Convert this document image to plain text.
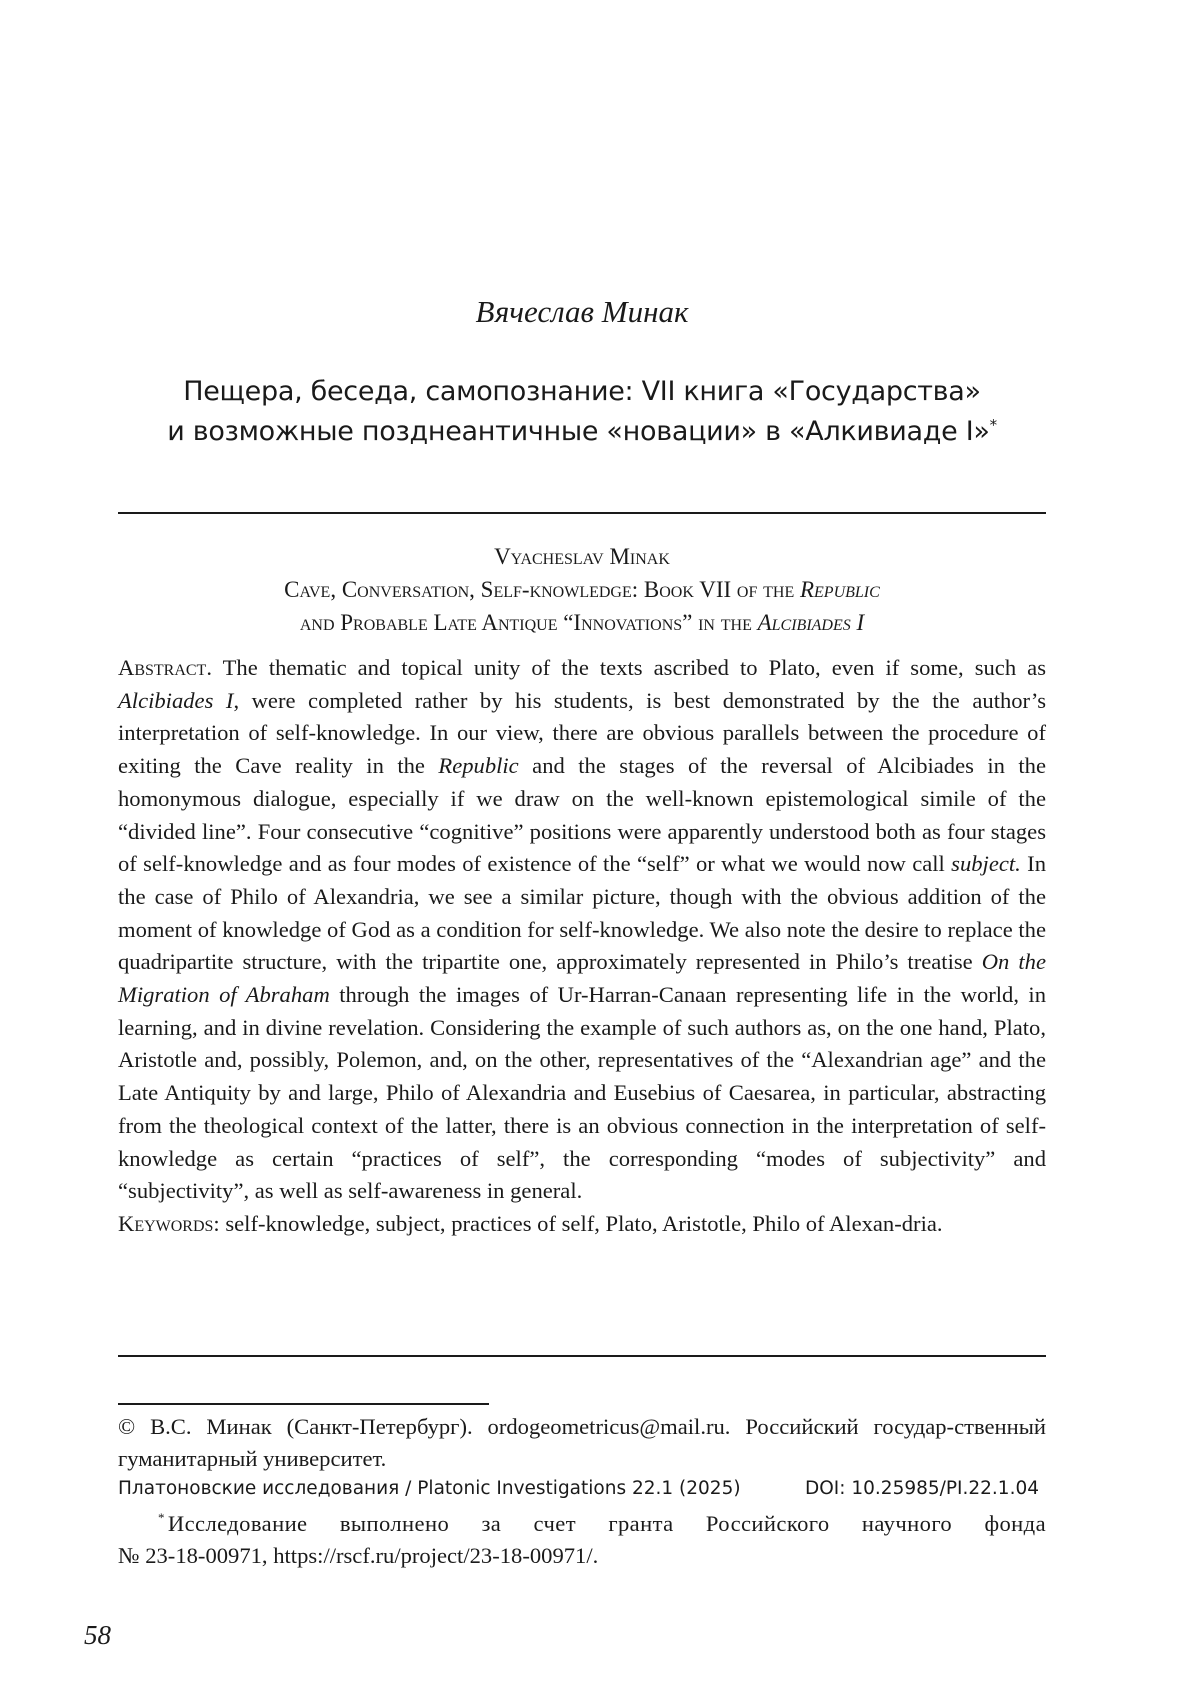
Вячеслав Минак
Пещера, беседа, самопознание: VII книга «Государства»
и возможные позднеантичные «новации» в «Алкивиаде I»*
Vyacheslav Minak
Cave, Conversation, Self-knowledge: Book VII of the Republic
and Probable Late Antique “Innovations” in the Alcibiades I

Abstract. The thematic and topical unity of the texts ascribed to Plato, even if some, such as Alcibiades I, were completed rather by his students, is best demonstrated by the the author’s interpretation of self-knowledge. In our view, there are obvious parallels between the procedure of exiting the Cave reality in the Republic and the stages of the reversal of Alcibiades in the homonymous dialogue, especially if we draw on the well-known epistemological simile of the “divided line”. Four consecutive “cognitive” positions were apparently understood both as four stages of self-knowledge and as four modes of existence of the “self” or what we would now call subject. In the case of Philo of Alexandria, we see a similar picture, though with the obvious addition of the moment of knowledge of God as a condition for self-knowledge. We also note the desire to replace the quadripartite structure, with the tripartite one, approximately represented in Philo’s treatise On the Migration of Abraham through the images of Ur-Harran-Canaan representing life in the world, in learning, and in divine revelation. Considering the example of such authors as, on the one hand, Plato, Aristotle and, possibly, Polemon, and, on the other, representatives of the “Alexandrian age” and the Late Antiquity by and large, Philo of Alexandria and Eusebius of Caesarea, in particular, abstracting from the theological context of the latter, there is an obvious connection in the interpretation of self-knowledge as certain “practices of self”, the corresponding “modes of subjectivity” and “subjectivity”, as well as self-awareness in general.

Keywords: self-knowledge, subject, practices of self, Plato, Aristotle, Philo of Alexan-dria.

© В.С. Минак (Санкт-Петербург). ordogeometricus@mail.ru. Российский государ-ственный гуманитарный университет.
Платоновские исследования / Platonic Investigations 22.1 (2025)	DOI: 10.25985/PI.22.1.04
* Исследование выполнено за счет гранта Российского научного фонда
№ 23-18-00971, https://rscf.ru/project/23-18-00971/.
58
